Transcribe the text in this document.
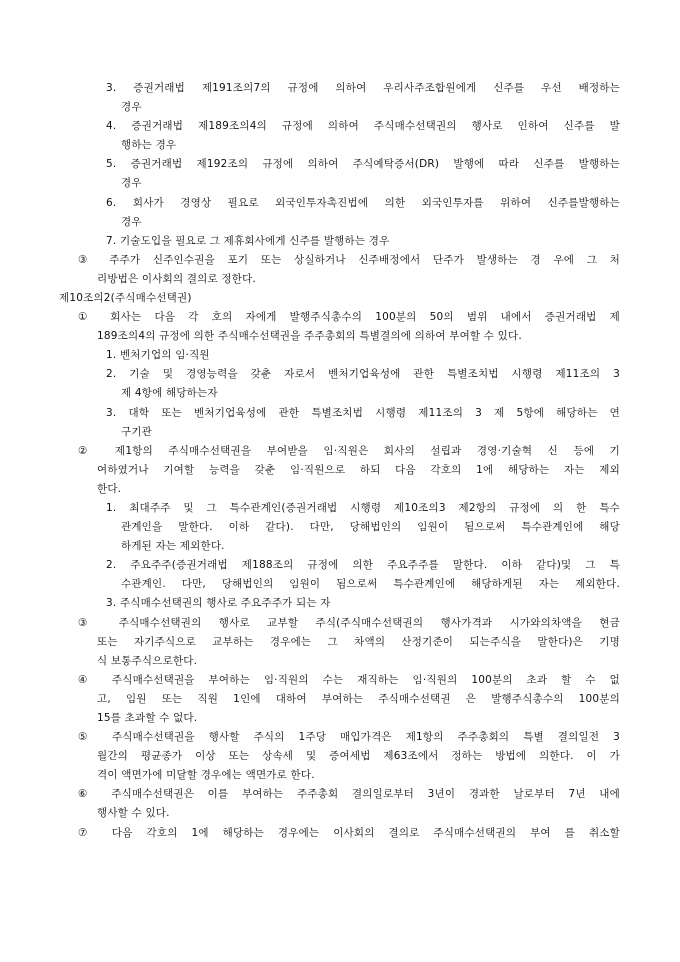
3. 증권거래법 제191조의7의 규정에 의하여 우리사주조합원에게 신주를 우선 배정하는

경우

4. 증권거래법 제189조의4의 규정에 의하여 주식매수선택권의 행사로 인하여 신주를 발

행하는 경우

5. 증권거래법 제192조의 규정에 의하여 주식예탁증서(DR) 발행에 따라 신주를 발행하는

경우

6. 회사가 경영상 필요로 외국인투자촉진법에 의한 외국인투자를 위하여 신주를발행하는

경우

7. 기술도입을 필요로 그 제휴회사에게 신주를 발행하는 경우

③ 주주가 신주인수권을 포기 또는 상실하거나 신주배정에서 단주가 발생하는 경 우에 그 처

리방법은 이사회의 결의로 정한다.

제10조의2(주식매수선택권)

① 회사는 다음 각 호의 자에게 발행주식총수의 100분의 50의 범위 내에서 증권거래법 제

189조의4의 규정에 의한 주식매수선택권을 주주총회의 특별결의에 의하여 부여할 수 있다.

1. 벤처기업의 임·직원

2. 기술 및 경영능력을 갖춘 자로서 벤처기업육성에 관한 특별조치법 시행령 제11조의 3

제 4항에 해당하는자

3. 대학 또는 벤처기업육성에 관한 특별조치법 시행령 제11조의 3 제 5항에 해당하는 연

구기관

② 제1항의 주식매수선택권을 부여받을 임·직원은 회사의 설립과 경영·기술혁 신 등에 기

여하였거나 기여할 능력을 갖춘 임·직원으로 하되 다음 각호의 1에 해당하는 자는 제외

한다.

1. 최대주주 및 그 특수관계인(증권거래법 시행령 제10조의3 제2항의 규정에 의 한 특수

관계인을 말한다. 이하 같다). 다만, 당해법인의 임원이 됨으로써 특수관계인에 해당

하게된 자는 제외한다.

2. 주요주주(증권거래법 제188조의 규정에 의한 주요주주를 말한다. 이하 같다)및 그 특

수관계인. 다만, 당해법인의 임원이 됨으로써 특수관계인에 해당하게된 자는 제외한다.

3. 주식매수선택권의 행사로 주요주주가 되는 자

③ 주식매수선택권의 행사로 교부할 주식(주식매수선택권의 행사가격과 시가와의차액을 현금

또는 자기주식으로 교부하는 경우에는 그 차액의 산정기준이 되는주식을 말한다)은 기명

식 보통주식으로한다.

④ 주식매수선택권을 부여하는 임·직원의 수는 재직하는 임·직원의 100분의 초과 할 수 없

고, 임원 또는 직원 1인에 대하여 부여하는 주식매수선택권 은 발행주식총수의 100분의

15를 초과할 수 없다.

⑤ 주식매수선택권을 행사할 주식의 1주당 매입가격은 제1항의 주주총회의 특별 결의일전 3

월간의 평균종가 이상 또는 상속세 및 증여세법 제63조에서 정하는 방법에 의한다. 이 가

격이 액면가에 미달할 경우에는 액면가로 한다.

⑥ 주식매수선택권은 이를 부여하는 주주총회 결의일로부터 3년이 경과한 날로부터 7년 내에

행사할 수 있다.

⑦ 다음 각호의 1에 해당하는 경우에는 이사회의 결의로 주식매수선택권의 부여 를 취소할
